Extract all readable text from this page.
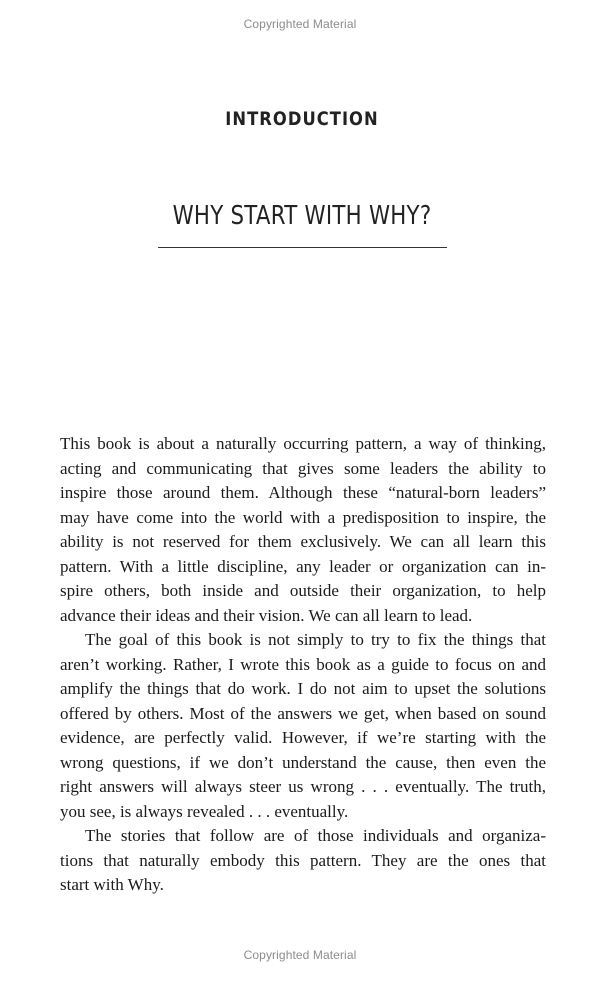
Copyrighted Material
INTRODUCTION
WHY START WITH WHY?
This book is about a naturally occurring pattern, a way of thinking,
acting and communicating that gives some leaders the ability to
inspire those around them. Although these “natural-born leaders”
may have come into the world with a predisposition to inspire, the
ability is not reserved for them exclusively. We can all learn this
pattern. With a little discipline, any leader or organization can in-
spire others, both inside and outside their organization, to help
advance their ideas and their vision. We can all learn to lead.
The goal of this book is not simply to try to fix the things that
aren’t working. Rather, I wrote this book as a guide to focus on and
amplify the things that do work. I do not aim to upset the solutions
offered by others. Most of the answers we get, when based on sound
evidence, are perfectly valid. However, if we’re starting with the
wrong questions, if we don’t understand the cause, then even the
right answers will always steer us wrong . . . eventually. The truth,
you see, is always revealed . . . eventually.
The stories that follow are of those individuals and organiza-
tions that naturally embody this pattern. They are the ones that
start with Why.
Copyrighted Material
